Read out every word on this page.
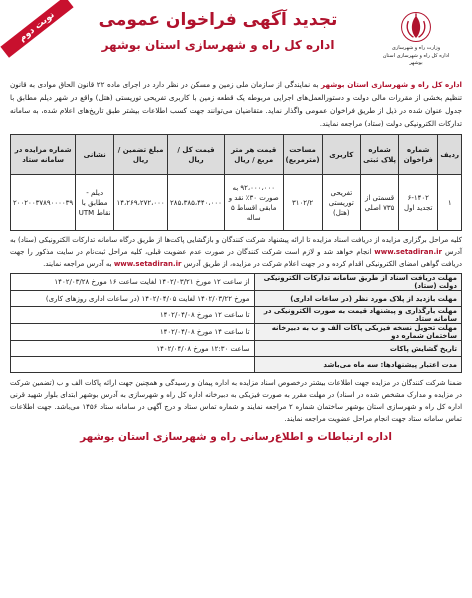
نوبت دوم	تجدید آگهی فراخوان عمومی
اداره کل راه و شهرسازی استان بوشهر	وزارت راه و شهرسازی
اداره کل راه و شهرسازی استان بوشهر

اداره کل راه و شهرسازی استان بوشهر به نمایندگی از سازمان ملی زمین و مسکن در نظر دارد در اجرای ماده ۲۲ قانون الحاق موادی به قانون تنظیم بخشی از مقررات مالی دولت و دستورالعمل‌های اجرایی مربوطه یک قطعه زمین با کاربری تفریحی توریستی (هتل) واقع در شهر دیلم مطابق با جدول عنوان شده در ذیل از طریق فراخوان عمومی واگذار نماید. متقاضیان می‌توانند جهت کسب اطلاعات بیشتر طبق تاریخ‌های اعلام شده، به سامانه تدارکات الکترونیکی دولت (ستاد) مراجعه نمایند.

ردیف	شماره فراخوان	شماره پلاک ثبتی	کاربری	مساحت (مترمربع)	قیمت هر متر مربع / ریال	قیمت کل / ریال	مبلغ تضمین / ریال	نشانی	شماره مزایده در سامانه ستاد
۱	۶-۱۴۰۲ تجدید اول	قسمتی از ۷۳۵ اصلی	تفریحی توریستی (هتل)	۳۱۰۲/۲	۹۲،۰۰۰،۰۰۰ به صورت ۳۰٪ نقد و مابقی اقساط ۵ ساله	۲۸۵،۳۸۵،۴۴۰،۰۰۰	۱۴،۲۶۹،۲۷۲،۰۰۰	دیلم - مطابق با نقاط UTM	۲۰۰۲۰۰۳۷۸۹۰۰۰۰۳۹

کلیه مراحل برگزاری مزایده از دریافت اسناد مزایده تا ارائه پیشنهاد شرکت کنندگان و بازگشایی پاکت‌ها از طریق درگاه سامانه تدارکات الکترونیکی (ستاد) به آدرس www.setadiran.ir انجام خواهد شد و لازم است شرکت کنندگان در صورت عدم عضویت قبلی، کلیه مراحل ثبت‌نام در سایت مذکور را جهت دریافت گواهی امضای الکترونیکی اقدام کرده و در جهت اعلام شرکت در مزایده، از طریق آدرس www.setadiran.ir به آدرس مراجعه نمایند.

مهلت دریافت اسناد از طریق سامانه تدارکات الکترونیکی دولت (ستاد)	از ساعت ۱۲ مورخ ۱۴۰۲/۰۳/۲۱ لغایت ساعت ۱۶ مورخ ۱۴۰۲/۰۳/۲۸
مهلت بازدید از پلاک مورد نظر (در ساعات اداری)	مورخ ۱۴۰۲/۰۳/۲۲ لغایت ۱۴۰۲/۰۴/۰۵ (در ساعات اداری روزهای کاری)
مهلت بارگذاری و پیشنهاد قیمت به صورت الکترونیکی در سامانه ستاد	تا ساعت ۱۲ مورخ ۱۴۰۲/۰۴/۰۸
مهلت تحویل نسخه فیزیکی پاکات الف و ب به دبیرخانه ساختمان شماره دو	تا ساعت ۱۴ مورخ ۱۴۰۲/۰۴/۰۸
تاریخ گشایش پاکات	ساعت ۱۲:۳۰ مورخ ۱۴۰۲/۰۴/۰۸
مدت اعتبار پیشنهادها: سه ماه می‌باشد	

ضمنا شرکت کنندگان در مزایده جهت اطلاعات بیشتر درخصوص اسناد مزایده به اداره پیمان و رسیدگی و همچنین جهت ارائه پاکات الف و ب (تضمین شرکت در مزایده و مدارک مشخص شده در اسناد) در مهلت مقرر به صورت فیزیکی به دبیرخانه اداره کل راه و شهرسازی به آدرس بوشهر ابتدای بلوار شهید قرنی اداره کل راه و شهرسازی استان بوشهر ساختمان شماره ۲ مراجعه نمایند و شماره تماس ستاد و درج آگهی در سامانه ستاد ۱۴۵۶ می‌باشد. جهت اطلاعات تماس سامانه ستاد جهت انجام مراحل عضویت مراجعه نمایند.

اداره ارتباطات و اطلاع‌رسانی راه و شهرسازی استان بوشهر
